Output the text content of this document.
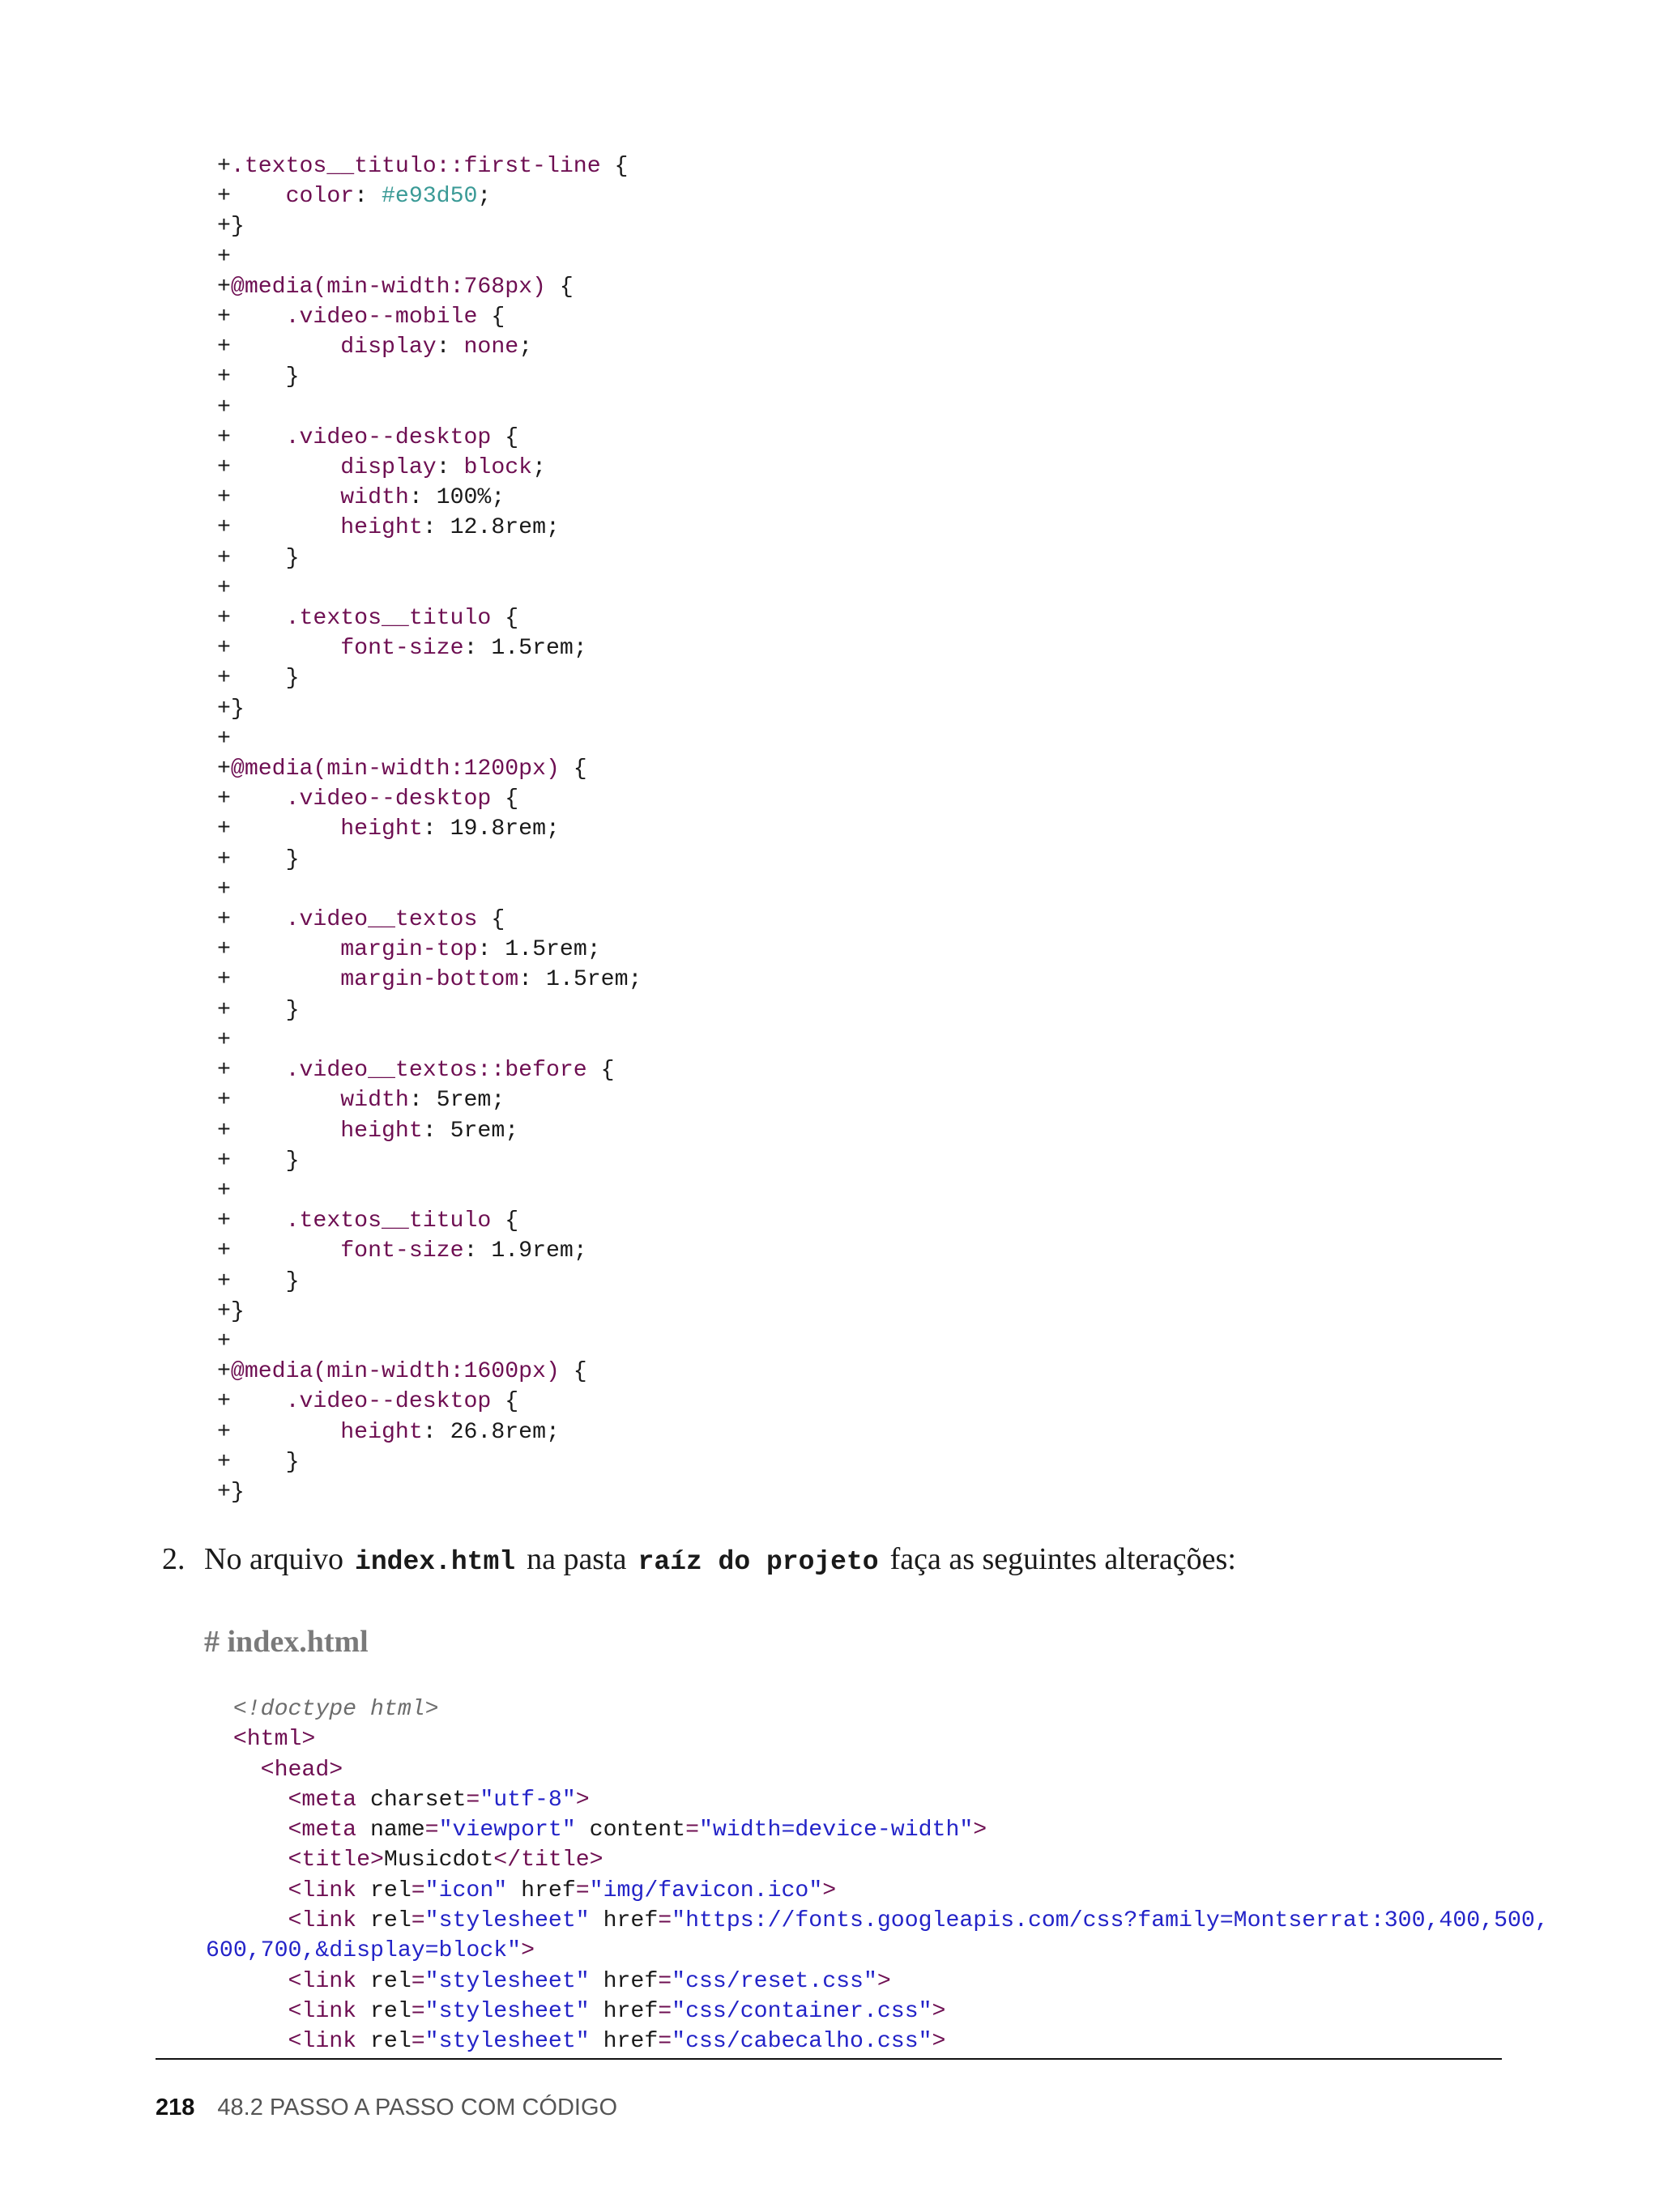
+.textos__titulo::first-line {
+    color: #e93d50;
+}
+
+@media(min-width:768px) {
+    .video--mobile {
+        display: none;
+    }
+
+    .video--desktop {
+        display: block;
+        width: 100%;
+        height: 12.8rem;
+    }
+
+    .textos__titulo {
+        font-size: 1.5rem;
+    }
+}
+
+@media(min-width:1200px) {
+    .video--desktop {
+        height: 19.8rem;
+    }
+
+    .video__textos {
+        margin-top: 1.5rem;
+        margin-bottom: 1.5rem;
+    }
+
+    .video__textos::before {
+        width: 5rem;
+        height: 5rem;
+    }
+
+    .textos__titulo {
+        font-size: 1.9rem;
+    }
+}
+
+@media(min-width:1600px) {
+    .video--desktop {
+        height: 26.8rem;
+    }
+}
2. No arquivo index.html na pasta raíz do projeto faça as seguintes alterações:
# index.html
<!doctype html>
<html>
<head>
<meta charset="utf-8">
<meta name="viewport" content="width=device-width">
<title>Musicdot</title>
<link rel="icon" href="img/favicon.ico">
<link rel="stylesheet" href="https://fonts.googleapis.com/css?family=Montserrat:300,400,500,
600,700,&display=block">
<link rel="stylesheet" href="css/reset.css">
<link rel="stylesheet" href="css/container.css">
<link rel="stylesheet" href="css/cabecalho.css">
218 48.2 PASSO A PASSO COM CÓDIGO
